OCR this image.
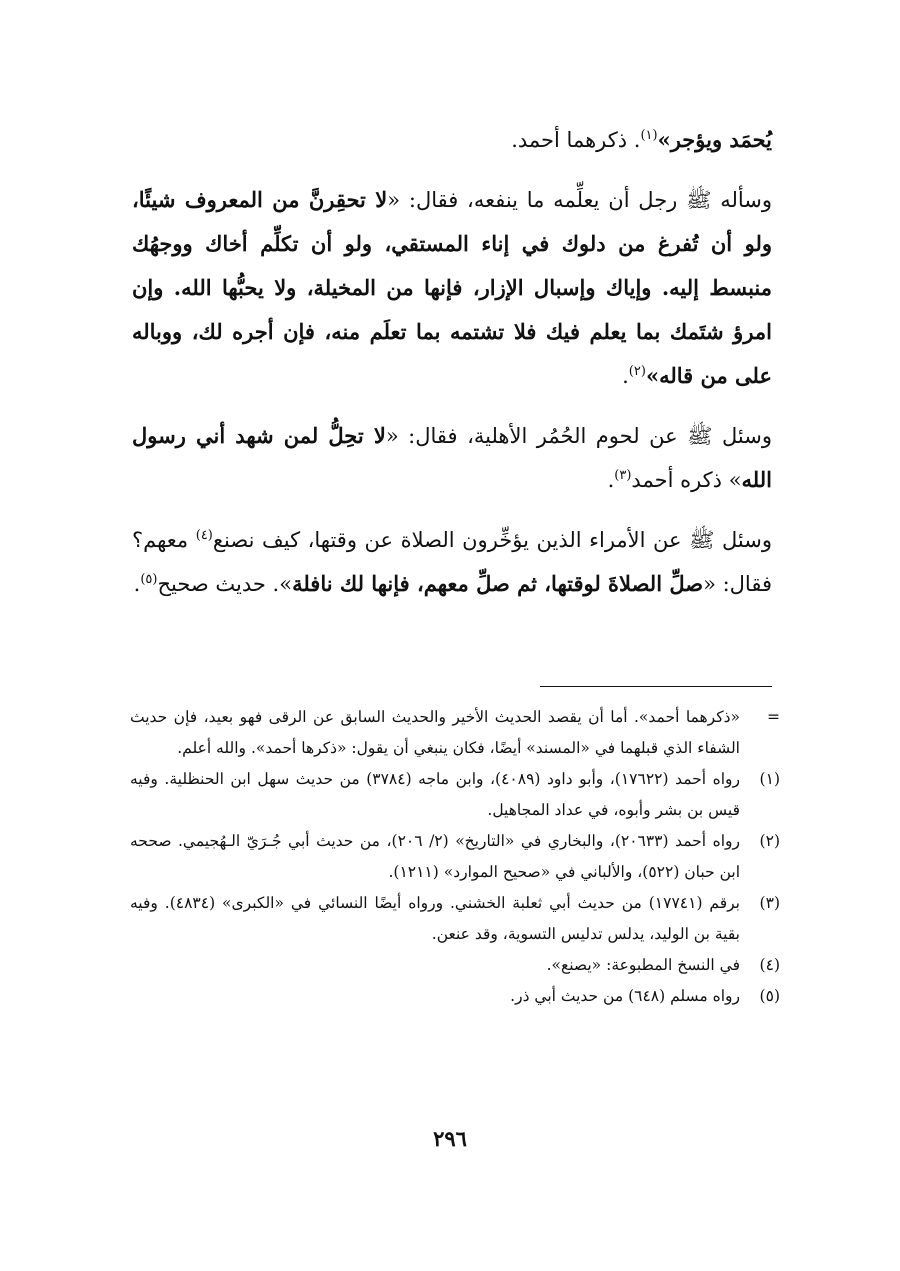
يُحمَد ويؤجر»$^{(١)}$. ذكرهما أحمد.

وسأله ﷺ رجل أن يعلِّمه ما ينفعه، فقال: «لا تحقِرنَّ من المعروف شيئًا، ولو أن تُفرغ من دلوك في إناء المستقي، ولو أن تكلِّم أخاك ووجهُك منبسط إليه. وإياك وإسبال الإزار، فإنها من المخيلة، ولا يحبُّها الله. وإن امرؤ شتَمك بما يعلم فيك فلا تشتمه بما تعلَم منه، فإن أجره لك، ووباله على من قاله»$^{(٢)}$.

وسئل ﷺ عن لحوم الحُمُر الأهلية، فقال: «لا تحِلُّ لمن شهد أني رسول الله» ذكره أحمد$^{(٣)}$.

وسئل ﷺ عن الأمراء الذين يؤخِّرون الصلاة عن وقتها، كيف نصنع$^{(٤)}$ معهم؟ فقال: «صلِّ الصلاةَ لوقتها، ثم صلِّ معهم، فإنها لك نافلة». حديث صحيح$^{(٥)}$.

=
«ذكرهما أحمد». أما أن يقصد الحديث الأخير والحديث السابق عن الرقى فهو بعيد، فإن حديث الشفاء الذي قبلهما في «المسند» أيضًا، فكان ينبغي أن يقول: «ذكرها أحمد». والله أعلم.
(١)
رواه أحمد (١٧٦٢٢)، وأبو داود (٤٠٨٩)، وابن ماجه (٣٧٨٤) من حديث سهل ابن الحنظلية. وفيه قيس بن بشر وأبوه، في عداد المجاهيل.
(٢)
رواه أحمد (٢٠٦٣٣)، والبخاري في «التاريخ» (٢/ ٢٠٦)، من حديث أبي جُـرَيّ الـهُجيمي. صححه ابن حبان (٥٢٢)، والألباني في «صحيح الموارد» (١٢١١).
(٣)
برقم (١٧٧٤١) من حديث أبي ثعلبة الخشني. ورواه أيضًا النسائي في «الكبرى» (٤٨٣٤). وفيه بقية بن الوليد، يدلس تدليس التسوية، وقد عنعن.
(٤)
في النسخ المطبوعة: «يصنع».
(٥)
رواه مسلم (٦٤٨) من حديث أبي ذر.
٢٩٦
